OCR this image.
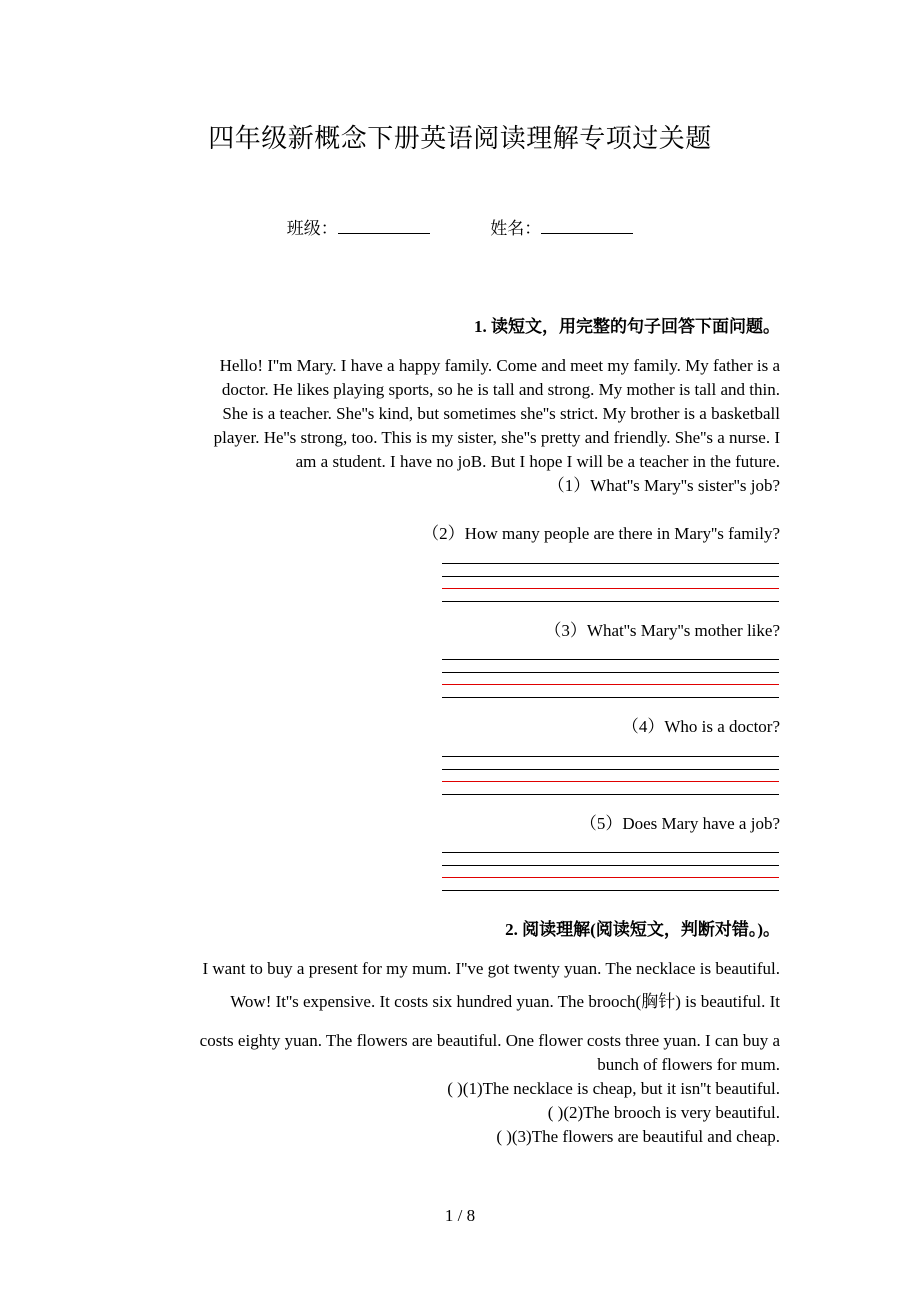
四年级新概念下册英语阅读理解专项过关题
班级：	姓名：
1. 读短文，用完整的句子回答下面问题。
Hello! I''m Mary. I have a happy family. Come and meet my family. My father is a
doctor. He likes playing sports, so he is tall and strong. My mother is tall and thin.
She is a teacher. She''s kind, but sometimes she''s strict. My brother is a basketball
player. He''s strong, too. This is my sister, she''s pretty and friendly. She''s a nurse. I
am a student. I have no joB. But I hope I will be a teacher in the future.
（1）What''s Mary''s sister''s job?
（2）How many people are there in Mary''s family?
（3）What''s Mary''s mother like?
（4）Who is a doctor?
（5）Does Mary have a job?
2. 阅读理解(阅读短文，判断对错。)。
I want to buy a present for my mum. I''ve got twenty yuan. The necklace is beautiful.
Wow! It''s expensive. It costs six hundred yuan. The brooch(胸针) is beautiful. It
costs eighty yuan. The flowers are beautiful. One flower costs three yuan. I can buy a
bunch of flowers for mum.
( )(1)The necklace is cheap, but it isn''t beautiful.
( )(2)The brooch is very beautiful.
( )(3)The flowers are beautiful and cheap.
1 / 8
